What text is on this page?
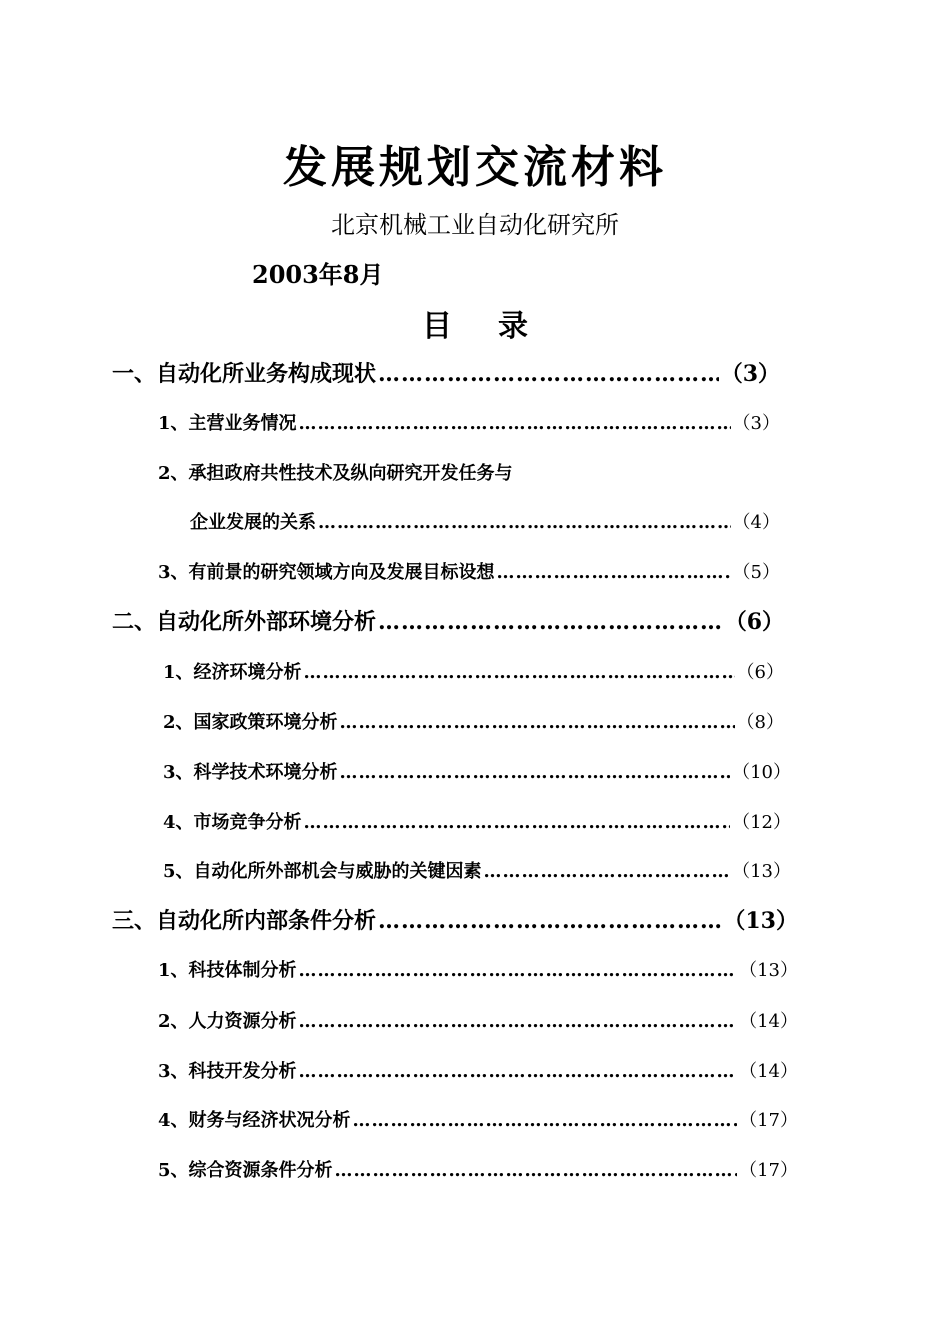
发展规划交流材料
北京机械工业自动化研究所
2003年8月
目录
一、自动化所业务构成现状 …………………………………………………………………………………………………………………………………………………………	（3）
1、主营业务情况 …………………………………………………………………………………………………………………………………………………………	（3）
2、承担政府共性技术及纵向研究开发任务与
企业发展的关系 …………………………………………………………………………………………………………………………………………………………	（4）
3、有前景的研究领域方向及发展目标设想 …………………………………………………………………………………………………………………………………………………………	（5）
二、自动化所外部环境分析 …………………………………………………………………………………………………………………………………………………………	（6）
1、经济环境分析 …………………………………………………………………………………………………………………………………………………………	（6）
2、国家政策环境分析 …………………………………………………………………………………………………………………………………………………………	（8）
3、科学技术环境分析 …………………………………………………………………………………………………………………………………………………………	（10）
4、市场竞争分析 …………………………………………………………………………………………………………………………………………………………	（12）
5、自动化所外部机会与威胁的关键因素 …………………………………………………………………………………………………………………………………………………………	（13）
三、自动化所内部条件分析 …………………………………………………………………………………………………………………………………………………………	（13）
1、科技体制分析 …………………………………………………………………………………………………………………………………………………………	（13）
2、人力资源分析 …………………………………………………………………………………………………………………………………………………………	（14）
3、科技开发分析 …………………………………………………………………………………………………………………………………………………………	（14）
4、财务与经济状况分析 …………………………………………………………………………………………………………………………………………………………	（17）
5、综合资源条件分析 …………………………………………………………………………………………………………………………………………………………	（17）
